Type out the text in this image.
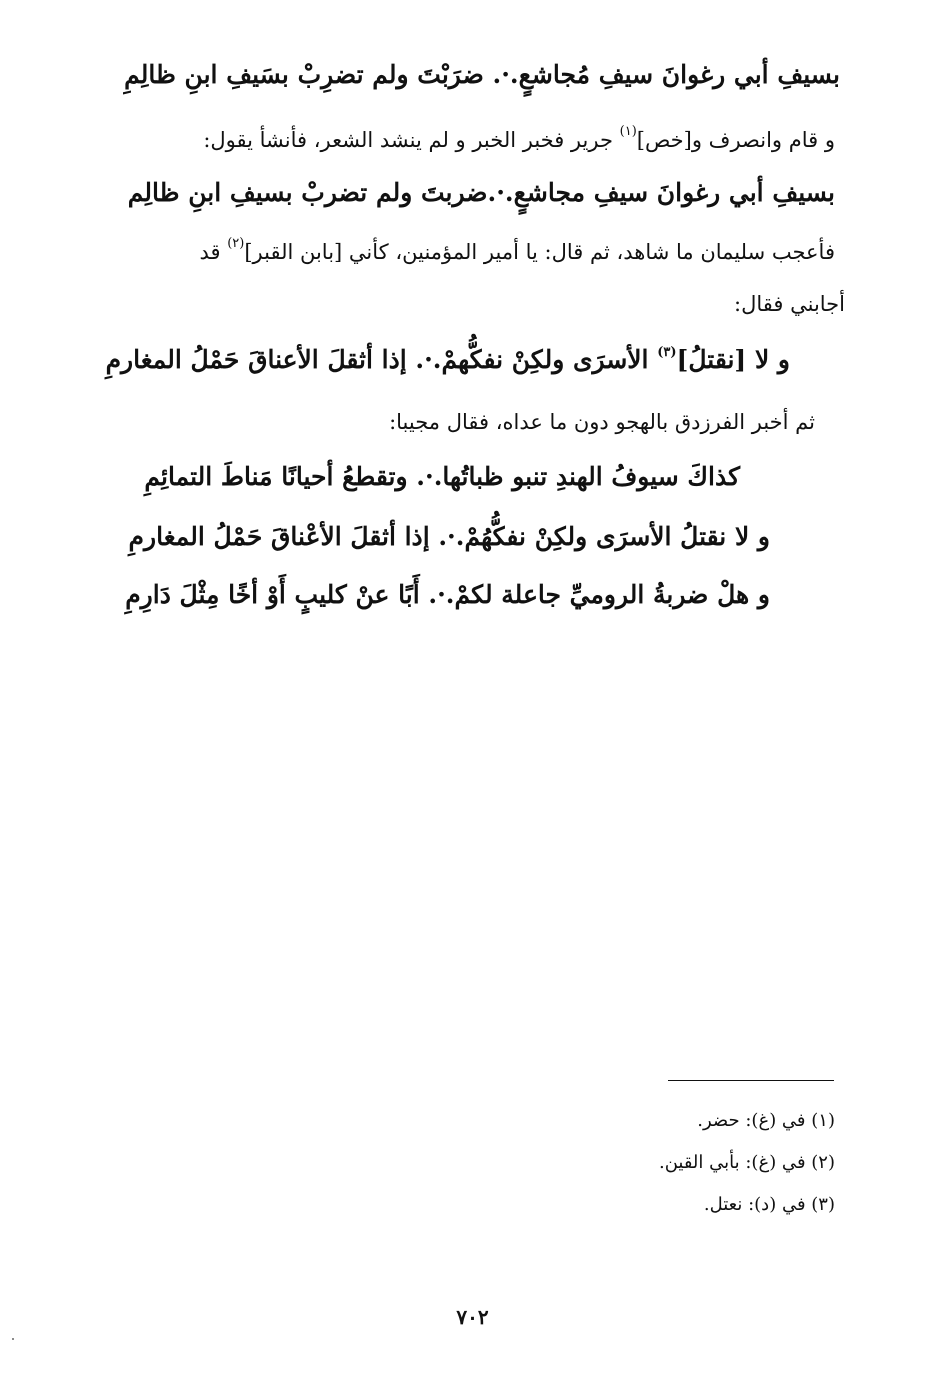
بسيفِ أبي رغوانَ سيفِ مُجاشعٍ.·. ضرَبْتَ ولم تضرِبْ بسَيفِ ابنِ ظالِمِ
و قام وانصرف و[خص]$^{(١)}$ جرير فخبر الخبر و لم ينشد الشعر، فأنشأ يقول:
بسيفِ أبي رغوانَ سيفِ مجاشعٍ.·.ضربتَ ولم تضربْ بسيفِ ابنِ ظالِم
فأعجب سليمان ما شاهد، ثم قال: يا أمير المؤمنين، كأني [بابن القبر]$^{(٢)}$ قد
أجابني فقال:
و لا [نقتلُ]$^{(٣)}$ الأسرَى ولكِنْ نفكُّهمْ.·. إذا أثقلَ الأعناقَ حَمْلُ المغارمِ
ثم أخبر الفرزدق بالهجو دون ما عداه، فقال مجيبا:
كذاكَ سيوفُ الهندِ تنبو ظباتُها.·. وتقطعُ أحيانًا مَناطَ التمائِمِ
و لا نقتلُ الأسرَى ولكِنْ نفكُّهُمْ.·. إذا أثقلَ الأعْناقَ حَمْلُ المغارمِ
و هلْ ضربةُ الروميِّ جاعلة لكمْ.·. أَبًا عنْ كليبٍ أَوْ أخًا مِثْلَ دَارِمِ
(١) في (غ): حضر.
(٢) في (غ): بأبي القين.
(٣) في (د): نعتل.
٧٠٢
